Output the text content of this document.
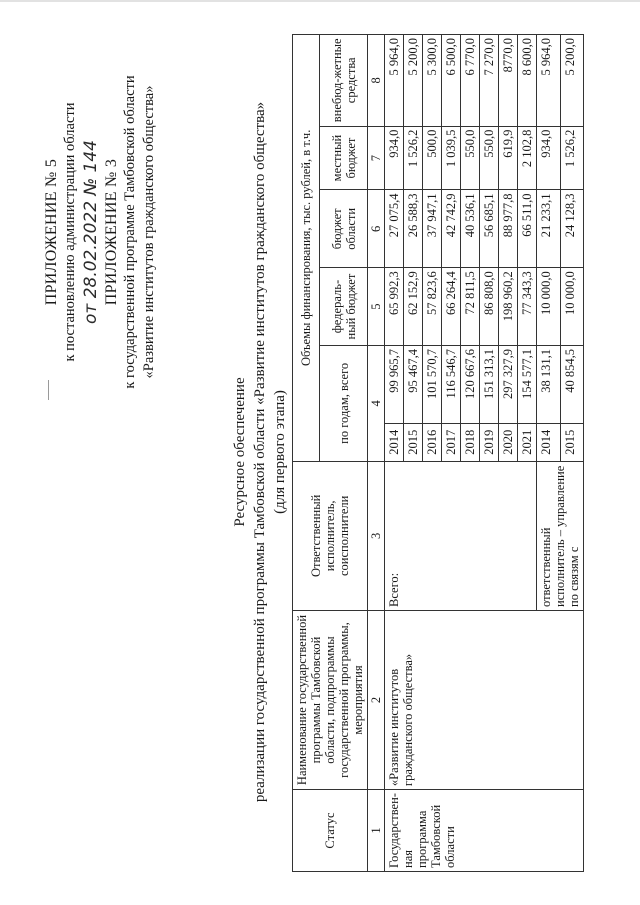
ПРИЛОЖЕНИЕ № 5 к постановлению администрации области от 28.02.2022 № 144 ПРИЛОЖЕНИЕ № 3 к государственной программе Тамбовской области «Развитие институтов гражданского общества»
Ресурсное обеспечение реализации государственной программы Тамбовской области «Развитие институтов гражданского общества» (для первого этапа)
Статус	Наименование государственной программы Тамбовской области, подпрограммы государственной программы, мероприятия	Ответственный исполнитель, соисполнители	Объемы финансирования, тыс. рублей, в т.ч.					
			по годам, всего		федераль-ный бюджет	бюджет области	местный бюджет	внебюд-жетные средства
1	2	3	4		5	6	7	8
Государствен-ная программа Тамбовской области	«Развитие институтов гражданского общества»	Всего:	2014	99 965,7	65 992,3	27 075,4	934,0	5 964,0
			2015	95 467,4	62 152,9	26 588,3	1 526,2	5 200,0
			2016	101 570,7	57 823,6	37 947,1	500,0	5 300,0
			2017	116 546,7	66 264,4	42 742,9	1 039,5	6 500,0
			2018	120 667,6	72 811,5	40 536,1	550,0	6 770,0
			2019	151 313,1	86 808,0	56 685,1	550,0	7 270,0
			2020	297 327,9	198 960,2	88 977,8	619,9	8770,0
			2021	154 577,1	77 343,3	66 511,0	2 102,8	8 600,0
		ответственный исполнитель – управление по связям с	2014	38 131,1	10 000,0	21 233,1	934,0	5 964,0
			2015	40 854,5	10 000,0	24 128,3	1 526,2	5 200,0
